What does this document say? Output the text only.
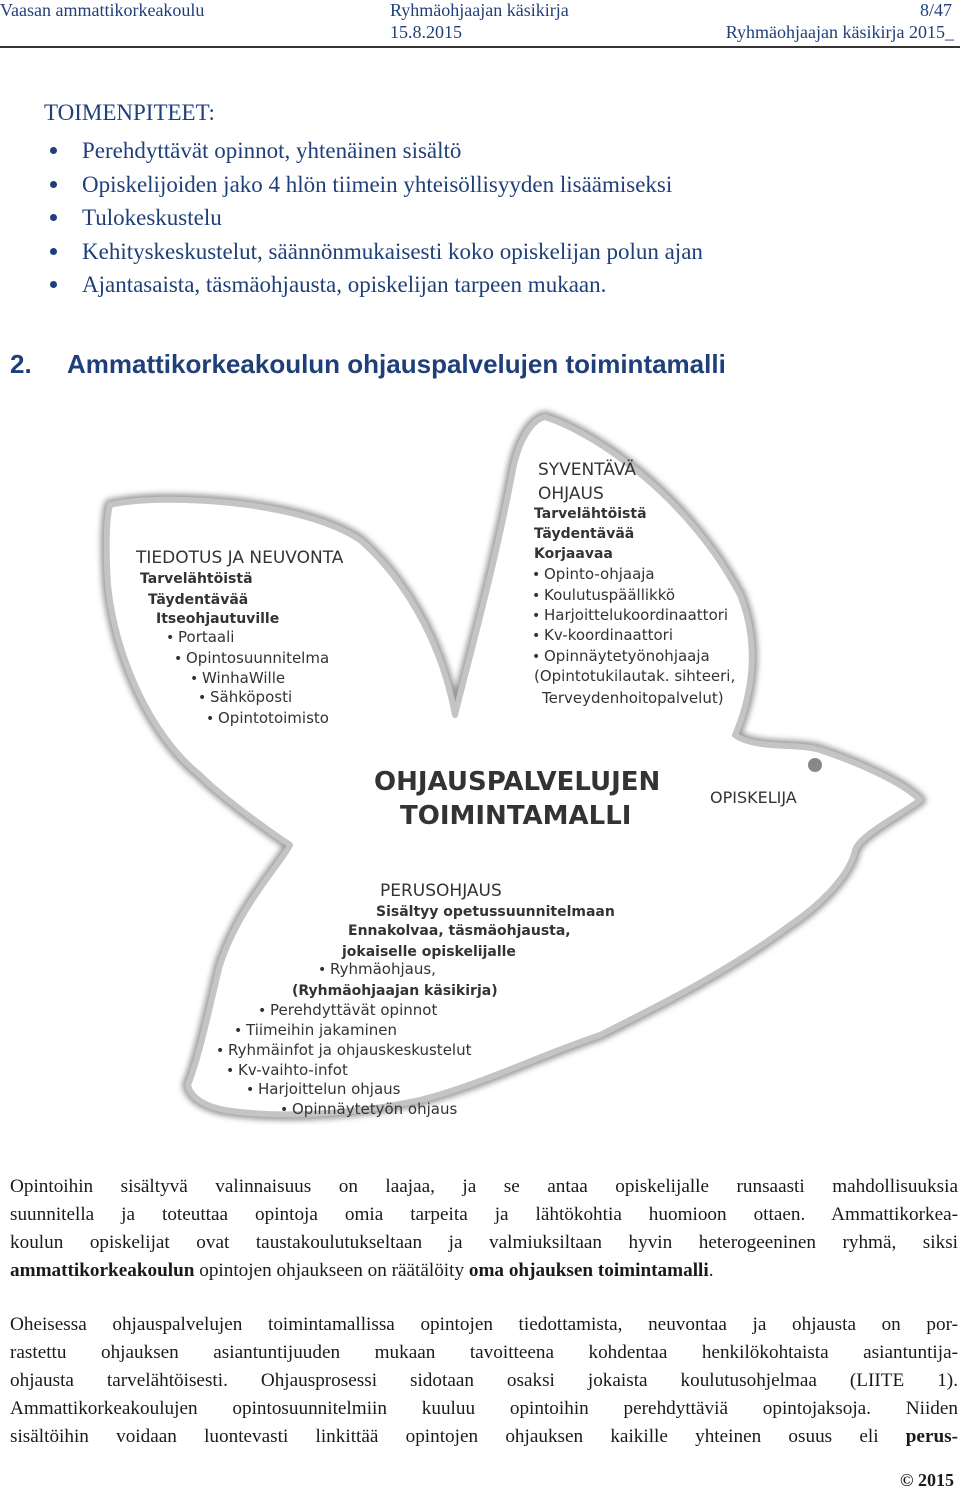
Vaasan ammattikorkeakoulu	Ryhmäohjaajan käsikirja	8/47
15.8.2015	Ryhmäohjaajan käsikirja 2015_
TOIMENPITEET:
Perehdyttävät opinnot, yhtenäinen sisältö
Opiskelijoiden jako 4 hlön tiimein yhteisöllisyyden lisäämiseksi
Tulokeskustelu
Kehityskeskustelut, säännönmukaisesti koko opiskelijan polun ajan
Ajantasaista, täsmäohjausta, opiskelijan tarpeen mukaan.
2. Ammattikorkeakoulun ohjauspalvelujen toimintamalli
TIEDOTUS JA NEUVONTA
Tarvelähtöistä
Täydentävää
Itseohjautuville
• Portaali
• Opintosuunnitelma
• WinhaWille
• Sähköposti
• Opintotoimisto
SYVENTÄVÄ
OHJAUS
Tarvelähtöistä
Täydentävää
Korjaavaa
• Opinto-ohjaaja
• Koulutuspäällikkö
• Harjoittelukoordinaattori
• Kv-koordinaattori
• Opinnäytetyönohjaaja
(Opintotukilautak. sihteeri,
Terveydenhoitopalvelut)
OHJAUSPALVELUJEN
TOIMINTAMALLI
OPISKELIJA
PERUSOHJAUS
Sisältyy opetussuunnitelmaan
Ennakolvaa, täsmäohjausta,
jokaiselle opiskelijalle
• Ryhmäohjaus,
(Ryhmäohjaajan käsikirja)
• Perehdyttävät opinnot
• Tiimeihin jakaminen
• Ryhmäinfot ja ohjauskeskustelut
• Kv-vaihto-infot
• Harjoittelun ohjaus
• Opinnäytetyön ohjaus
Opintoihin sisältyvä valinnaisuus on laajaa, ja se antaa opiskelijalle runsaasti mahdollisuuksia
suunnitella ja toteuttaa opintoja omia tarpeita ja lähtökohtia huomioon ottaen. Ammattikorkea-
koulun opiskelijat ovat taustakoulutukseltaan ja valmiuksiltaan hyvin heterogeeninen ryhmä, siksi
ammattikorkeakoulun opintojen ohjaukseen on räätälöity oma ohjauksen toimintamalli.
Oheisessa ohjauspalvelujen toimintamallissa opintojen tiedottamista, neuvontaa ja ohjausta on por-
rastettu ohjauksen asiantuntijuuden mukaan tavoitteena kohdentaa henkilökohtaista asiantuntija-
ohjausta tarvelähtöisesti. Ohjausprosessi sidotaan osaksi jokaista koulutusohjelmaa (LIITE 1).
Ammattikorkeakoulujen opintosuunnitelmiin kuuluu opintoihin perehdyttäviä opintojaksoja. Niiden
sisältöihin voidaan luontevasti linkittää opintojen ohjauksen kaikille yhteinen osuus eli perus-
© 2015
